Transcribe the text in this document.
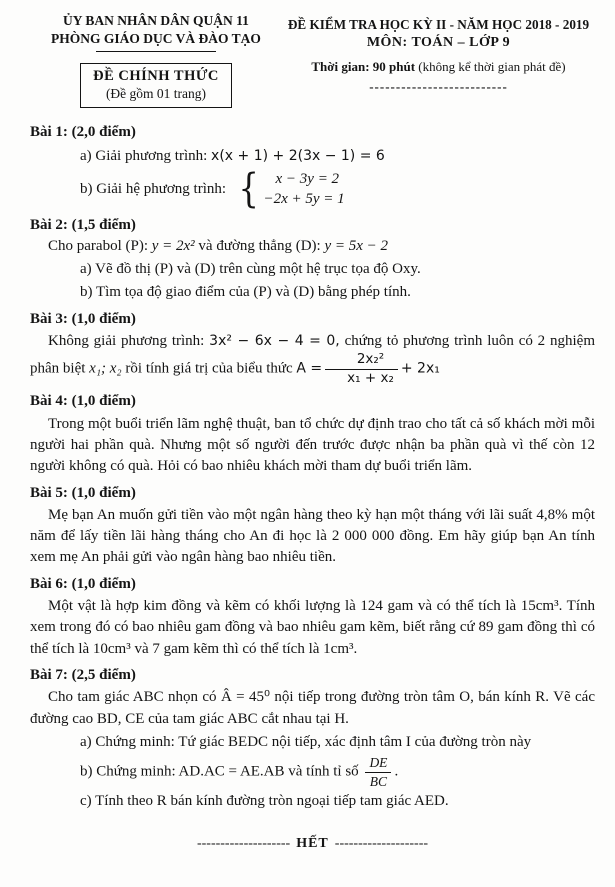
ỦY BAN NHÂN DÂN QUẬN 11
PHÒNG GIÁO DỤC VÀ ĐÀO TẠO
ĐỀ CHÍNH THỨC
(Đề gồm 01 trang)
ĐỀ KIỂM TRA HỌC KỲ II - NĂM HỌC 2018 - 2019
MÔN: TOÁN – LỚP 9
Thời gian: 90 phút (không kể thời gian phát đề)
--------------------------
Bài 1: (2,0 điểm)
a) Giải phương trình: x(x + 1) + 2(3x − 1) = 6
b) Giải hệ phương trình: {	x − 3y = 2
−2x + 5y = 1
Bài 2: (1,5 điểm)
Cho parabol (P): y = 2x² và đường thẳng (D): y = 5x − 2
a) Vẽ đồ thị (P) và (D) trên cùng một hệ trục tọa độ Oxy.
b) Tìm tọa độ giao điểm của (P) và (D) bằng phép tính.
Bài 3: (1,0 điểm)
Không giải phương trình: 3x² − 6x − 4 = 0, chứng tỏ phương trình luôn có 2 nghiệm phân biệt x₁; x₂ rồi tính giá trị của biểu thức $A = \frac{\text{2x₂²}}{\text{x₁ + x₂}} + 2x_1$
Bài 4: (1,0 điểm)
Trong một buổi triển lãm nghệ thuật, ban tổ chức dự định trao cho tất cả số khách mời mỗi người hai phần quà. Nhưng một số người đến trước được nhận ba phần quà vì thế còn 12 người không có quà. Hỏi có bao nhiêu khách mời tham dự buổi triển lãm.
Bài 5: (1,0 điểm)
Mẹ bạn An muốn gửi tiền vào một ngân hàng theo kỳ hạn một tháng với lãi suất 4,8% một năm để lấy tiền lãi hàng tháng cho An đi học là 2 000 000 đồng. Em hãy giúp bạn An tính xem mẹ An phải gửi vào ngân hàng bao nhiêu tiền.
Bài 6: (1,0 điểm)
Một vật là hợp kim đồng và kẽm có khối lượng là 124 gam và có thể tích là 15cm³. Tính xem trong đó có bao nhiêu gam đồng và bao nhiêu gam kẽm, biết rằng cứ 89 gam đồng thì có thể tích là 10cm³ và 7 gam kẽm thì có thể tích là 1cm³.
Bài 7: (2,5 điểm)
Cho tam giác ABC nhọn có Â = 45⁰ nội tiếp trong đường tròn tâm O, bán kính R. Vẽ các đường cao BD, CE của tam giác ABC cắt nhau tại H.
a) Chứng minh: Tứ giác BEDC nội tiếp, xác định tâm I của đường tròn này
b) Chứng minh: AD.AC = AE.AB và tính tỉ số $\frac{DE}{BC}$ .
c) Tính theo R bán kính đường tròn ngoại tiếp tam giác AED.
-------------------- HẾT --------------------
